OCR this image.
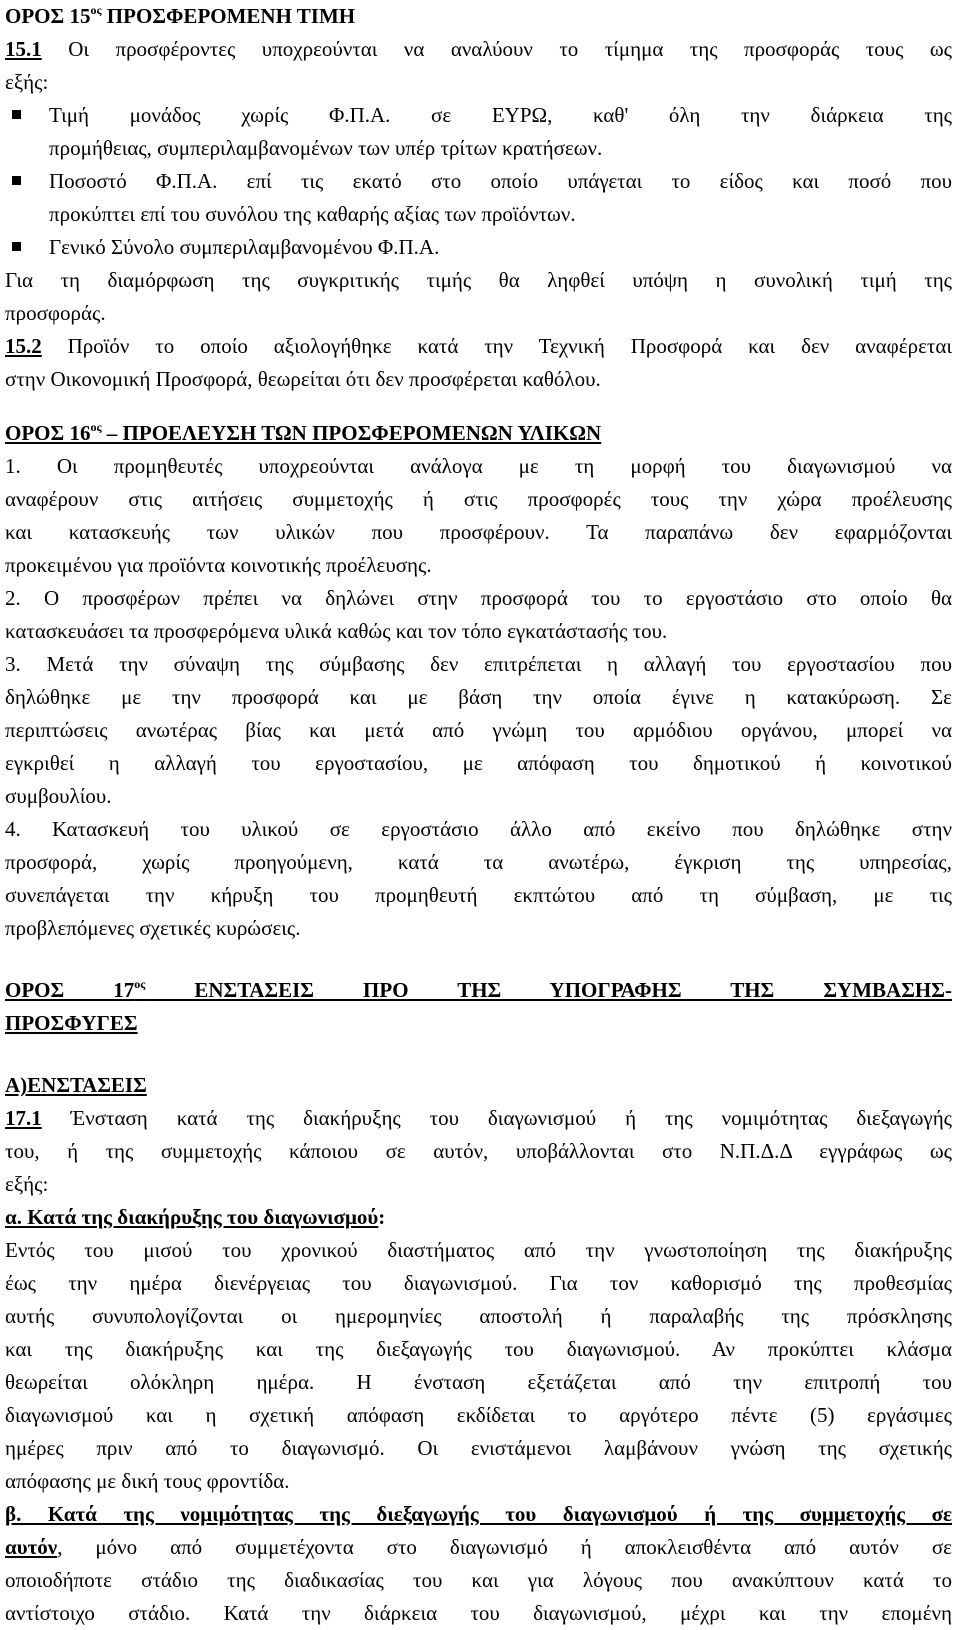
ΟΡΟΣ $15^{o\varsigma}$ ΠΡΟΣΦΕΡΟΜΕΝΗ ΤΙΜΗ
15.1 Οι προσφέροντες υποχρεούνται να αναλύουν το τίμημα της προσφοράς τους ως
εξής:
Τιμή μονάδος χωρίς Φ.Π.Α. σε ΕΥΡΩ, καθ' όλη την διάρκεια της
προμήθειας, συμπεριλαμβανομένων των υπέρ τρίτων κρατήσεων.
Ποσοστό Φ.Π.Α. επί τις εκατό στο οποίο υπάγεται το είδος και ποσό που
προκύπτει επί του συνόλου της καθαρής αξίας των προϊόντων.
Γενικό Σύνολο συμπεριλαμβανομένου Φ.Π.Α.
Για τη διαμόρφωση της συγκριτικής τιμής θα ληφθεί υπόψη η συνολική τιμή της
προσφοράς.
15.2 Προϊόν το οποίο αξιολογήθηκε κατά την Τεχνική Προσφορά και δεν αναφέρεται
στην Οικονομική Προσφορά, θεωρείται ότι δεν προσφέρεται καθόλου.
ΟΡΟΣ $16^{o\varsigma}$ – ΠΡΟΕΛΕΥΣΗ ΤΩΝ ΠΡΟΣΦΕΡΟΜΕΝΩΝ ΥΛΙΚΩΝ
1. Οι προμηθευτές υποχρεούνται ανάλογα με τη μορφή του διαγωνισμού να
αναφέρουν στις αιτήσεις συμμετοχής ή στις προσφορές τους την χώρα προέλευσης
και κατασκευής των υλικών που προσφέρουν. Τα παραπάνω δεν εφαρμόζονται
προκειμένου για προϊόντα κοινοτικής προέλευσης.
2. Ο προσφέρων πρέπει να δηλώνει στην προσφορά του το εργοστάσιο στο οποίο θα
κατασκευάσει τα προσφερόμενα υλικά καθώς και τον τόπο εγκατάστασής του.
3. Μετά την σύναψη της σύμβασης δεν επιτρέπεται η αλλαγή του εργοστασίου που
δηλώθηκε με την προσφορά και με βάση την οποία έγινε η κατακύρωση. Σε
περιπτώσεις ανωτέρας βίας και μετά από γνώμη του αρμόδιου οργάνου, μπορεί να
εγκριθεί η αλλαγή του εργοστασίου, με απόφαση του δημοτικού ή κοινοτικού
συμβουλίου.
4. Κατασκευή του υλικού σε εργοστάσιο άλλο από εκείνο που δηλώθηκε στην
προσφορά, χωρίς προηγούμενη, κατά τα ανωτέρω, έγκριση της υπηρεσίας,
συνεπάγεται την κήρυξη του προμηθευτή εκπτώτου από τη σύμβαση, με τις
προβλεπόμενες σχετικές κυρώσεις.
ΟΡΟΣ $17^{o\varsigma}$ ΕΝΣΤΑΣΕΙΣ ΠΡΟ ΤΗΣ ΥΠΟΓΡΑΦΗΣ ΤΗΣ ΣΥΜΒΑΣΗΣ-
ΠΡΟΣΦΥΓΕΣ
Α)ΕΝΣΤΑΣΕΙΣ
17.1 Ένσταση κατά της διακήρυξης του διαγωνισμού ή της νομιμότητας διεξαγωγής
του, ή της συμμετοχής κάποιου σε αυτόν, υποβάλλονται στο Ν.Π.Δ.Δ εγγράφως ως
εξής:
α. Κατά της διακήρυξης του διαγωνισμού:
Εντός του μισού του χρονικού διαστήματος από την γνωστοποίηση της διακήρυξης
έως την ημέρα διενέργειας του διαγωνισμού. Για τον καθορισμό της προθεσμίας
αυτής συνυπολογίζονται οι ημερομηνίες αποστολή ή παραλαβής της πρόσκλησης
και της διακήρυξης και της διεξαγωγής του διαγωνισμού. Αν προκύπτει κλάσμα
θεωρείται ολόκληρη ημέρα. Η ένσταση εξετάζεται από την επιτροπή του
διαγωνισμού και η σχετική απόφαση εκδίδεται το αργότερο πέντε (5) εργάσιμες
ημέρες πριν από το διαγωνισμό. Οι ενιστάμενοι λαμβάνουν γνώση της σχετικής
απόφασης με δική τους φροντίδα.
β. Κατά της νομιμότητας της διεξαγωγής του διαγωνισμού ή της συμμετοχής σε
αυτόν, μόνο από συμμετέχοντα στο διαγωνισμό ή αποκλεισθέντα από αυτόν σε
οποιοδήποτε στάδιο της διαδικασίας του και για λόγους που ανακύπτουν κατά το
αντίστοιχο στάδιο. Κατά την διάρκεια του διαγωνισμού, μέχρι και την επομένη
